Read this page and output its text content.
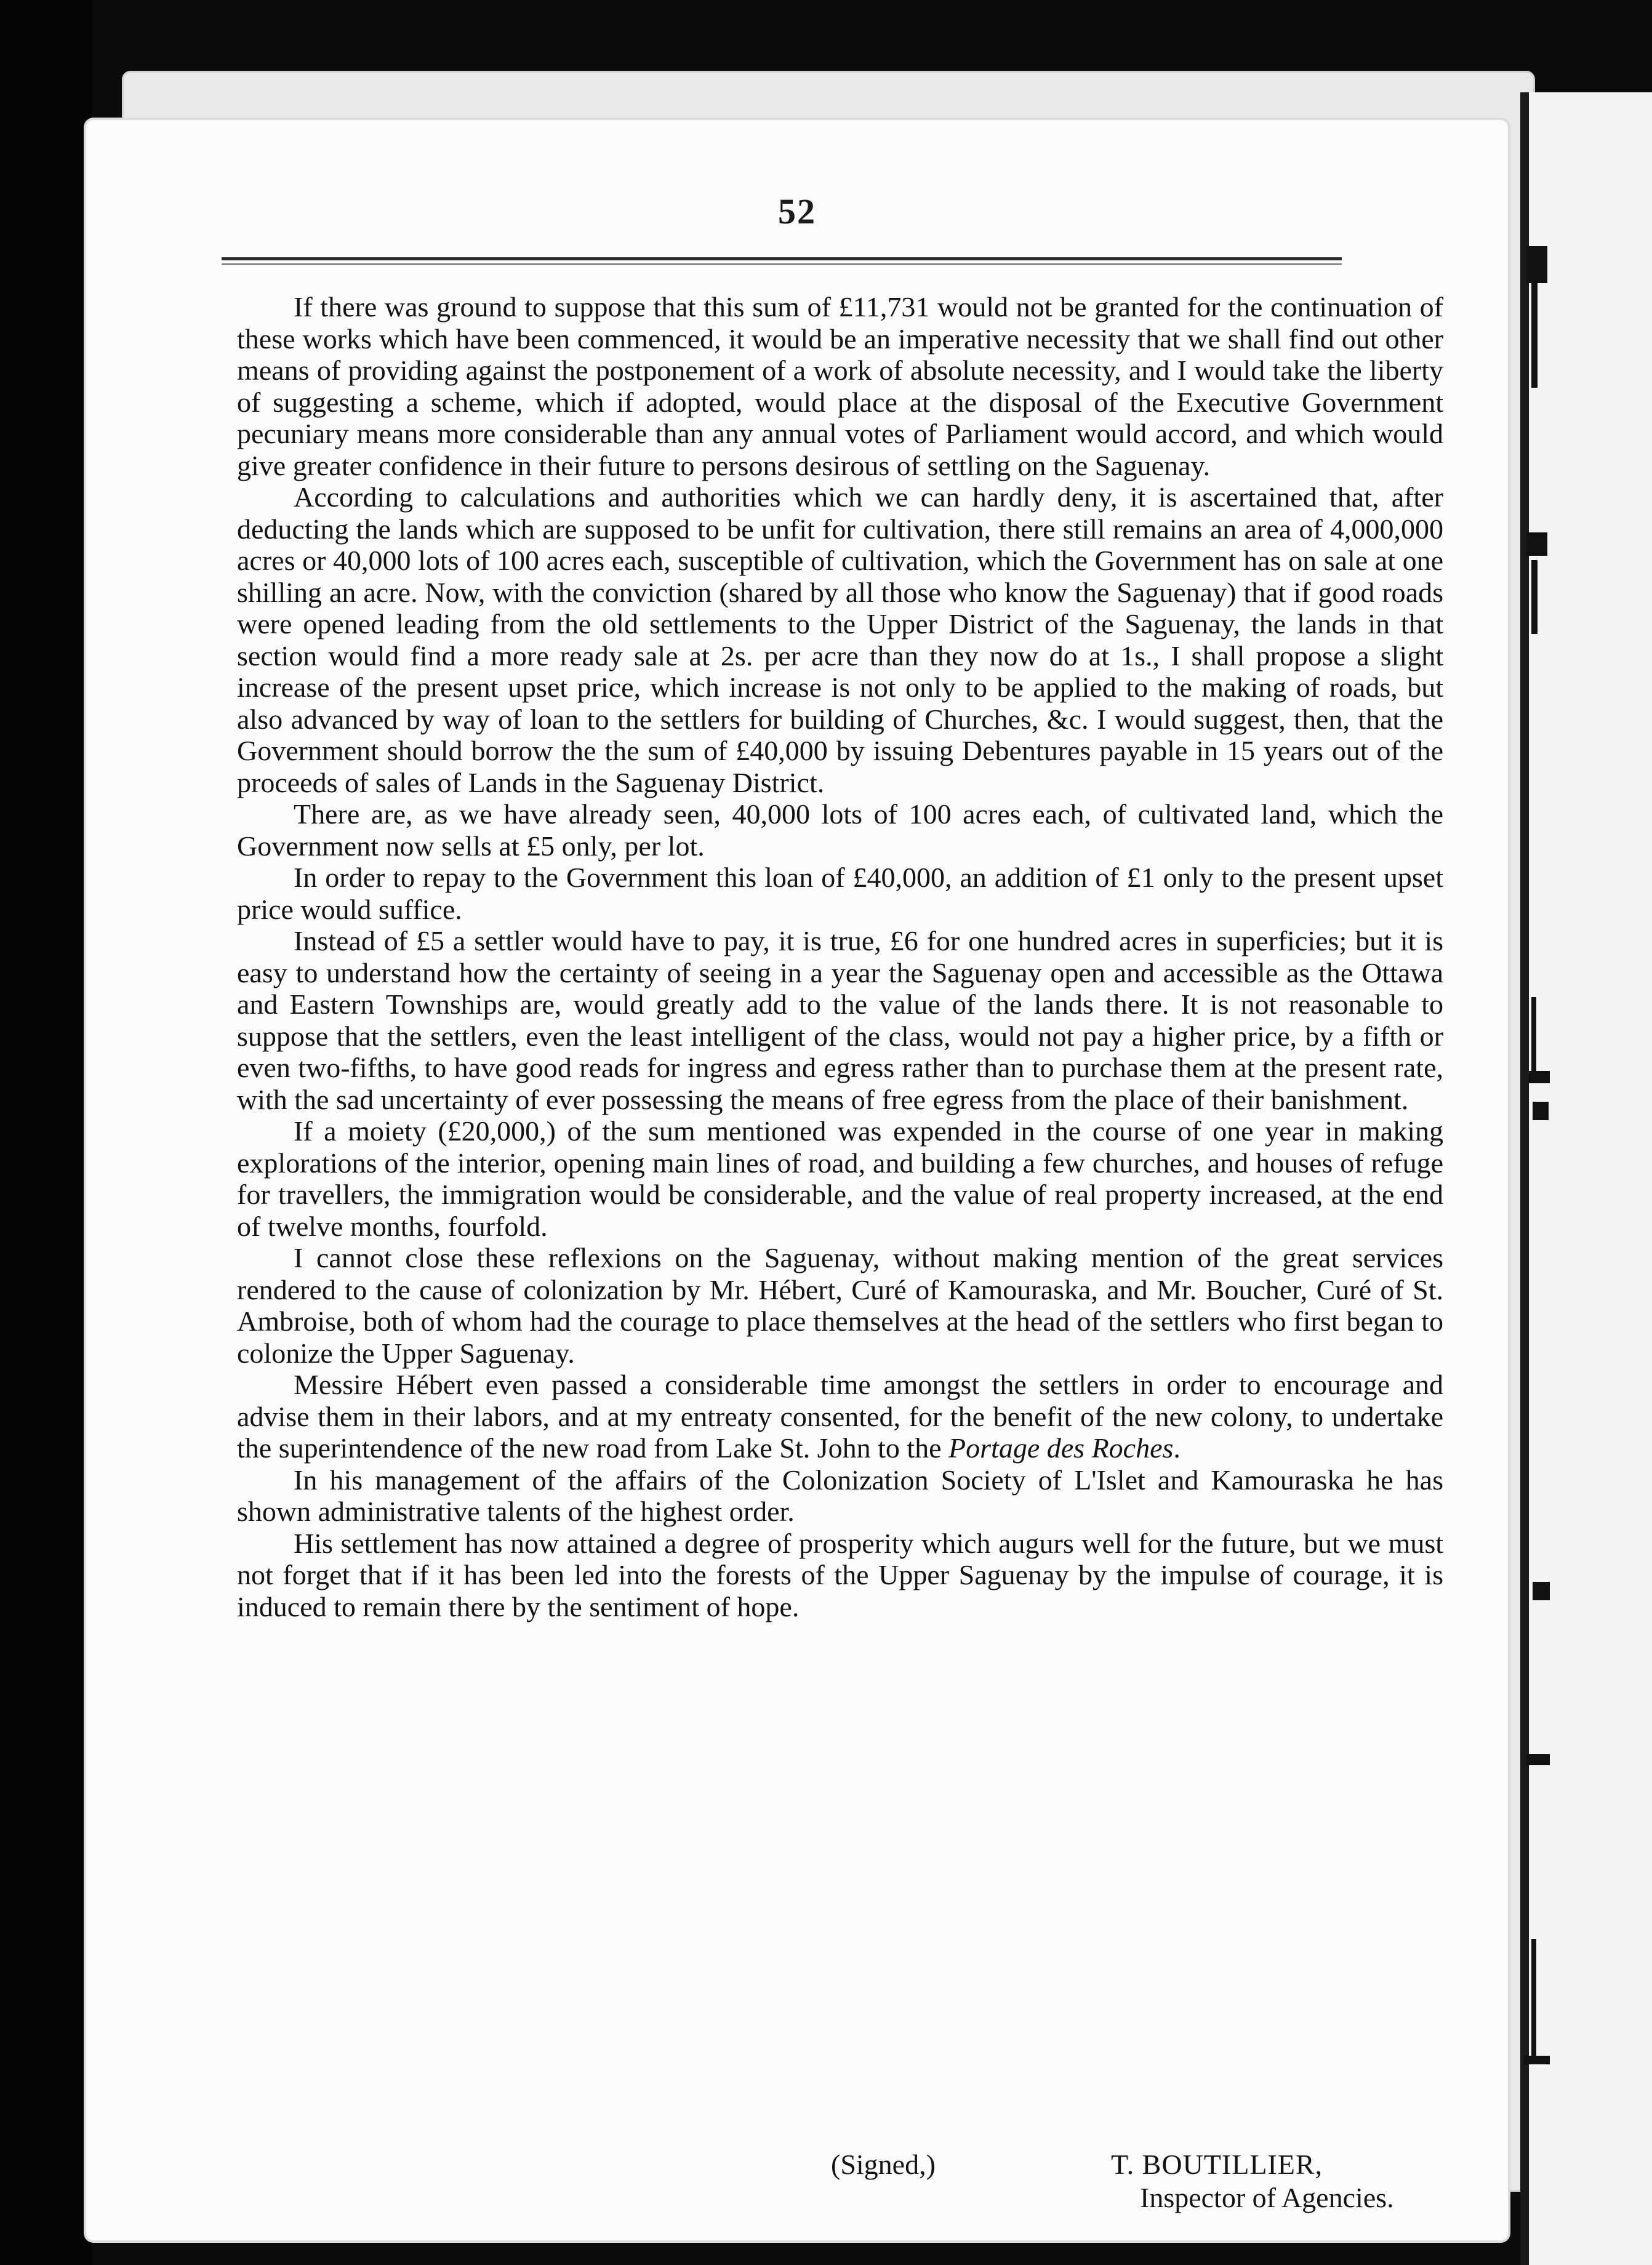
52

If there was ground to suppose that this sum of £11,731 would not be granted for the continuation of these works which have been commenced, it would be an imperative necessity that we shall find out other means of providing against the postponement of a work of absolute necessity, and I would take the liberty of suggesting a scheme, which if adopted, would place at the disposal of the Executive Government pecuniary means more considerable than any annual votes of Parliament would accord, and which would give greater confidence in their future to persons desirous of settling on the Saguenay.

According to calculations and authorities which we can hardly deny, it is ascertained that, after deducting the lands which are supposed to be unfit for cultivation, there still remains an area of 4,000,000 acres or 40,000 lots of 100 acres each, susceptible of cultivation, which the Government has on sale at one shilling an acre. Now, with the conviction (shared by all those who know the Saguenay) that if good roads were opened leading from the old settlements to the Upper District of the Saguenay, the lands in that section would find a more ready sale at 2s. per acre than they now do at 1s., I shall propose a slight increase of the present upset price, which increase is not only to be applied to the making of roads, but also advanced by way of loan to the settlers for building of Churches, &c. I would suggest, then, that the Government should borrow the the sum of £40,000 by issuing Debentures payable in 15 years out of the proceeds of sales of Lands in the Saguenay District.

There are, as we have already seen, 40,000 lots of 100 acres each, of cultivated land, which the Government now sells at £5 only, per lot.

In order to repay to the Government this loan of £40,000, an addition of £1 only to the present upset price would suffice.

Instead of £5 a settler would have to pay, it is true, £6 for one hundred acres in superficies; but it is easy to understand how the certainty of seeing in a year the Saguenay open and accessible as the Ottawa and Eastern Townships are, would greatly add to the value of the lands there. It is not reasonable to suppose that the settlers, even the least intelligent of the class, would not pay a higher price, by a fifth or even two-fifths, to have good reads for ingress and egress rather than to purchase them at the present rate, with the sad uncertainty of ever possessing the means of free egress from the place of their banishment.

If a moiety (£20,000,) of the sum mentioned was expended in the course of one year in making explorations of the interior, opening main lines of road, and building a few churches, and houses of refuge for travellers, the immigration would be considerable, and the value of real property increased, at the end of twelve months, fourfold.

I cannot close these reflexions on the Saguenay, without making mention of the great services rendered to the cause of colonization by Mr. Hébert, Curé of Kamouraska, and Mr. Boucher, Curé of St. Ambroise, both of whom had the courage to place themselves at the head of the settlers who first began to colonize the Upper Saguenay.

Messire Hébert even passed a considerable time amongst the settlers in order to encourage and advise them in their labors, and at my entreaty consented, for the benefit of the new colony, to undertake the superintendence of the new road from Lake St. John to the Portage des Roches.

In his management of the affairs of the Colonization Society of L'Islet and Kamouraska he has shown administrative talents of the highest order.

His settlement has now attained a degree of prosperity which augurs well for the future, but we must not forget that if it has been led into the forests of the Upper Saguenay by the impulse of courage, it is induced to remain there by the sentiment of hope.

(Signed,)	T. BOUTILLIER,
Inspector of Agencies.
